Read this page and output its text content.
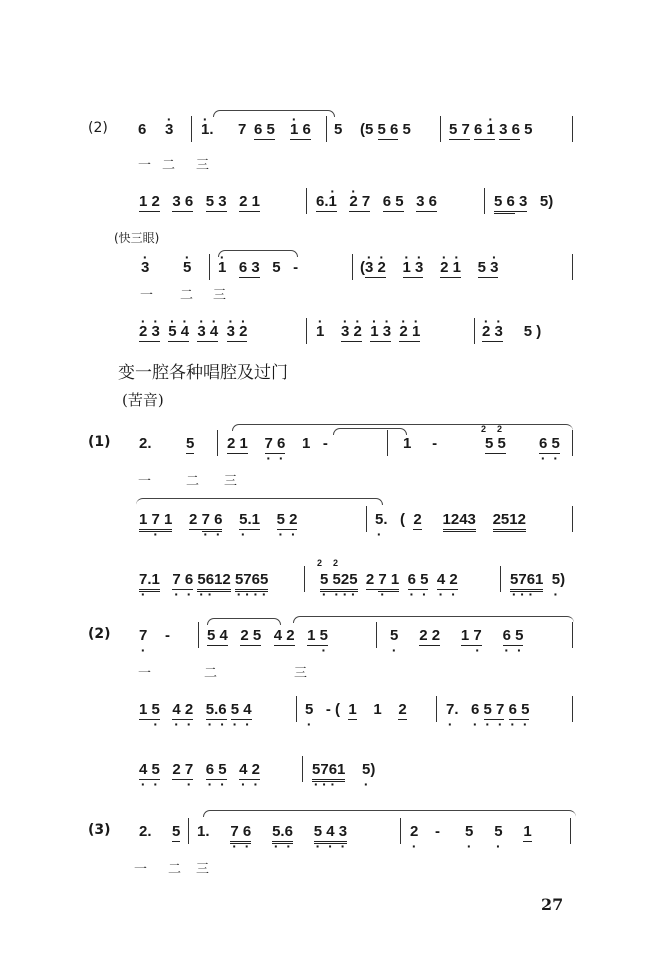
(2) 6 · 3 · 1. 7 6 5 · 1 6 5 (5 5 6 5	5 7 6 · 1 3 6 5
一 二 三
1 2 3 6 5 3 2 1	6.· 1 · 2 7 6 5 3 6	5 6 3   5)
(快三眼)
· 3 · 5 · 1 6 3   5   -	(· 3 · 2 · 1 · 3 · 2 · 1 5 · 3
一 二 三
· 2 · 3 · 5 · 4 · 3 · 4 · 3 · 2	· 1 · 3 · 2 · 1 · 3 · 2 · 1	· 2 · 3     5 )
变一腔各种唱腔及过门
(苦音)
(1) 2. 5 2 1 7 · 6 ·    1   -	1     -
2 2
5 5 6 · 5 ·
一	二 三
1 7 · 1 2 7 · 6 · 5 ·.1 5 · 2 ·	5 ·.   (  2 1243 2512
7 ·.1 7 · 6 · 5 ·6 ·12 5 ·7 ·6 ·5 ·
2 2
5 · 5 ·2 ·5 · 2 7 · 1 6 · 5 · 4 · 2 ·	5 ·7 ·6 ·1 5 ·)
(2) 7 · - 5 4 2 5 4 2 1 5 ·	5 · 2 2 1 7 · 6 · 5 ·
一	二	三
1 5 · 4 · 2 · 5 ·.6 · 5 · 4 ·	5 ·   - (  1    1    2	7 ·.   6 · 5 · 7 · 6 · 5 ·
4 · 5 · 2 7 · 6 · 5 · 4 · 2 ·	5 ·7 ·6 ·1 5 ·)
(3) 2. 5 1.     7 · 6 · 5 ·.6 · 5 · 4 · 3 ·	2 ·    -      5 · 5 · 1
一 二 三
27
